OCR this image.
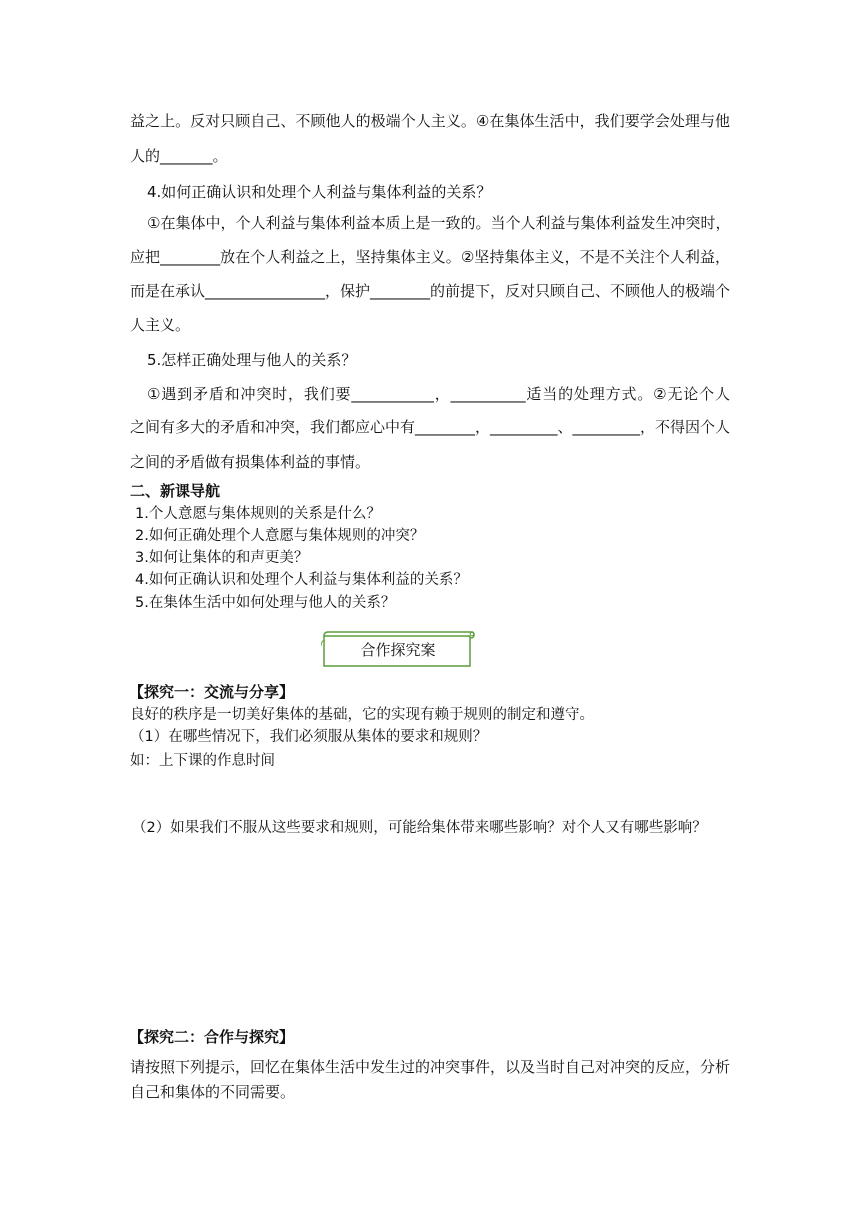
益之上。反对只顾自己、不顾他人的极端个人主义。④在集体生活中，我们要学会处理与他
人的_______。
4.如何正确认识和处理个人利益与集体利益的关系？
①在集体中，个人利益与集体利益本质上是一致的。当个人利益与集体利益发生冲突时，
应把________放在个人利益之上，坚持集体主义。②坚持集体主义，不是不关注个人利益，
而是在承认________________，保护________的前提下，反对只顾自己、不顾他人的极端个
人主义。
5.怎样正确处理与他人的关系？
①遇到矛盾和冲突时，我们要___________，__________适当的处理方式。②无论个人
之间有多大的矛盾和冲突，我们都应心中有________，_________、_________，不得因个人
之间的矛盾做有损集体利益的事情。
二、新课导航
1.个人意愿与集体规则的关系是什么？
2.如何正确处理个人意愿与集体规则的冲突？
3.如何让集体的和声更美？
4.如何正确认识和处理个人利益与集体利益的关系？
5.在集体生活中如何处理与他人的关系？
合作探究案
【探究一：交流与分享】
良好的秩序是一切美好集体的基础，它的实现有赖于规则的制定和遵守。
（1）在哪些情况下，我们必须服从集体的要求和规则？
如：上下课的作息时间
（2）如果我们不服从这些要求和规则，可能给集体带来哪些影响？对个人又有哪些影响？
【探究二：合作与探究】
请按照下列提示，回忆在集体生活中发生过的冲突事件，以及当时自己对冲突的反应，分析
自己和集体的不同需要。
